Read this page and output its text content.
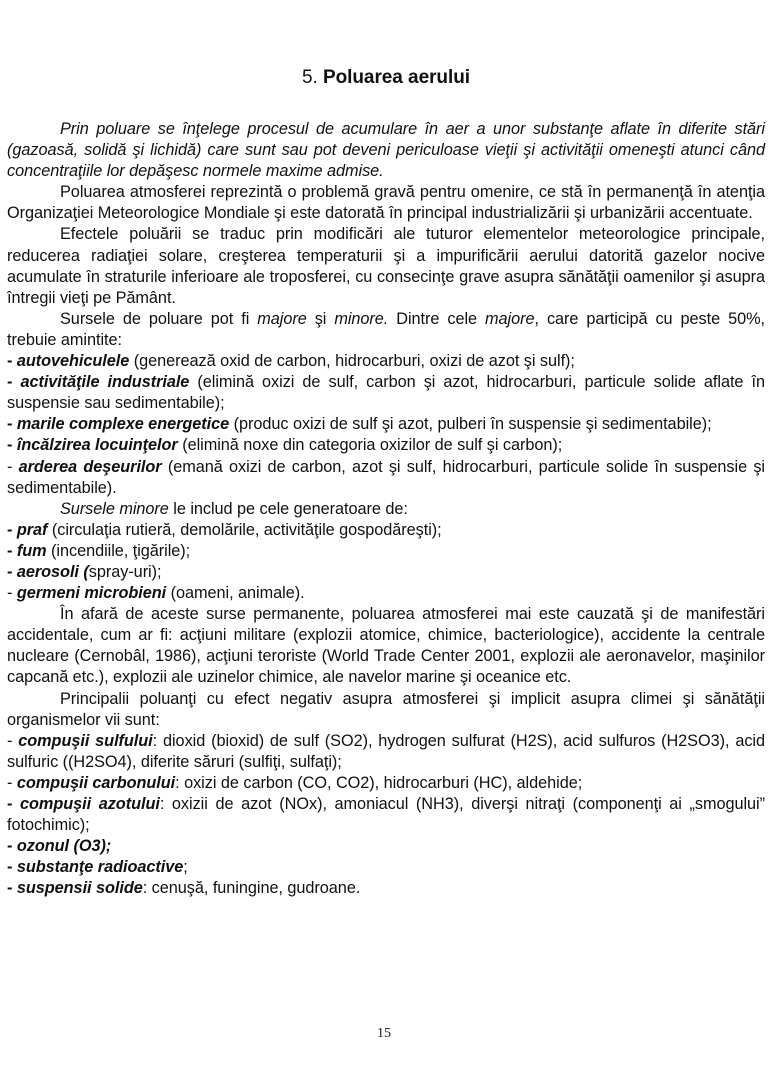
5. Poluarea aerului

Prin poluare se înţelege procesul de acumulare în aer a unor substanţe aflate în diferite stări (gazoasă, solidă şi lichidă) care sunt sau pot deveni periculoase vieţii şi activităţii omeneşti atunci când concentraţiile lor depăşesc normele maxime admise.

Poluarea atmosferei reprezintă o problemă gravă pentru omenire, ce stă în permanenţă în atenţia Organizaţiei Meteorologice Mondiale şi este datorată în principal industrializării şi urbanizării accentuate.

Efectele poluării se traduc prin modificări ale tuturor elementelor meteorologice principale, reducerea radiaţiei solare, creşterea temperaturii şi a impurificării aerului datorită gazelor nocive acumulate în straturile inferioare ale troposferei, cu consecinţe grave asupra sănătăţii oamenilor şi asupra întregii vieţi pe Pământ.

Sursele de poluare pot fi majore şi minore. Dintre cele majore, care participă cu peste 50%, trebuie amintite:

- autovehiculele (generează oxid de carbon, hidrocarburi, oxizi de azot şi sulf);

- activităţile industriale (elimină oxizi de sulf, carbon şi azot, hidrocarburi, particule solide aflate în suspensie sau sedimentabile);

- marile complexe energetice (produc oxizi de sulf şi azot, pulberi în suspensie şi sedimentabile);

- încălzirea locuinţelor (elimină noxe din categoria oxizilor de sulf şi carbon);

- arderea deşeurilor (emană oxizi de carbon, azot şi sulf, hidrocarburi, particule solide în suspensie şi sedimentabile).

Sursele minore le includ pe cele generatoare de:

- praf (circulaţia rutieră, demolările, activităţile gospodăreşti);

- fum (incendiile, ţigările);

- aerosoli (spray-uri);

- germeni microbieni (oameni, animale).

În afară de aceste surse permanente, poluarea atmosferei mai este cauzată şi de manifestări accidentale, cum ar fi: acţiuni militare (explozii atomice, chimice, bacteriologice), accidente la centrale nucleare (Cernobâl, 1986), acţiuni teroriste (World Trade Center 2001, explozii ale aeronavelor, maşinilor capcană etc.), explozii ale uzinelor chimice, ale navelor marine şi oceanice etc.

Principalii poluanţi cu efect negativ asupra atmosferei şi implicit asupra climei şi sănătăţii organismelor vii sunt:

- compuşii sulfului: dioxid (bioxid) de sulf (SO2), hydrogen sulfurat (H2S), acid sulfuros (H2SO3), acid sulfuric ((H2SO4), diferite săruri (sulfiţi, sulfaţi);

- compuşii carbonului: oxizi de carbon (CO, CO2), hidrocarburi (HC), aldehide;

- compuşii azotului: oxizii de azot (NOx), amoniacul (NH3), diverşi nitraţi (componenţi ai „smogului” fotochimic);

- ozonul (O3);

- substanţe radioactive;

- suspensii solide: cenuşă, funingine, gudroane.

15
